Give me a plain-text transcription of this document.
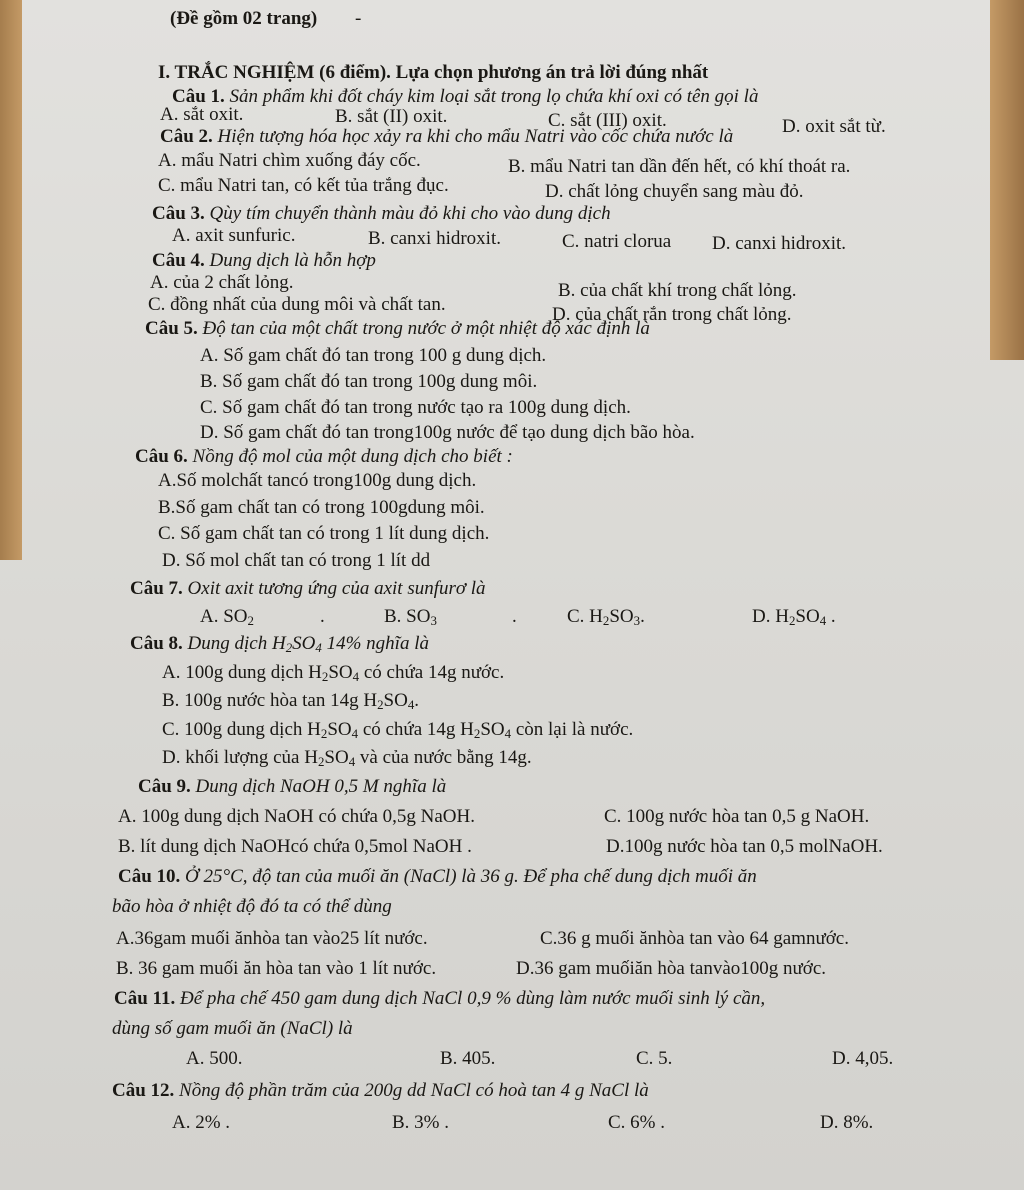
(Đề gồm 02 trang) -
I. TRẮC NGHIỆM (6 điểm). Lựa chọn phương án trả lời đúng nhất
Câu 1. Sản phẩm khi đốt cháy kim loại sắt trong lọ chứa khí oxi có tên gọi là
A. sắt oxit.	B. sắt (II) oxit.	C. sắt (III) oxit.	D. oxit sắt từ.
Câu 2. Hiện tượng hóa học xảy ra khi cho mẩu Natri vào cốc chứa nước là
A. mẩu Natri chìm xuống đáy cốc.	B. mẩu Natri tan dần đến hết, có khí thoát ra.
C. mẩu Natri tan, có kết tủa trắng đục.	D. chất lỏng chuyển sang màu đỏ.
Câu 3. Qùy tím chuyển thành màu đỏ khi cho vào dung dịch
A. axit sunfuric.	B. canxi hidroxit.	C. natri clorua D. canxi hidroxit.
Câu 4. Dung dịch là hỗn hợp
A. của 2 chất lỏng.	B. của chất khí trong chất lỏng.
C. đồng nhất của dung môi và chất tan.	D. của chất rắn trong chất lỏng.
Câu 5. Độ tan của một chất trong nước ở một nhiệt độ xác định là
A. Số gam chất đó tan trong 100 g dung dịch.
B. Số gam chất đó tan trong 100g dung môi.
C. Số gam chất đó tan trong nước tạo ra 100g dung dịch.
D. Số gam chất đó tan trong100g nước để tạo dung dịch bão hòa.
Câu 6. Nồng độ mol của một dung dịch cho biết :
A.Số molchất tancó trong100g dung dịch.
B.Số gam chất tan có trong 100gdung môi.
C. Số gam chất tan có trong 1 lít dung dịch.
D. Số mol chất tan có trong 1 lít dd
Câu 7. Oxit axit tương ứng của axit sunfurơ là
A. $SO_2$	.	B. $SO_3$	.	C. $H_2SO_3$.	D. $H_2SO_4$ .
Câu 8. Dung dịch $H_2SO_4$ 14% nghĩa là
A. 100g dung dịch $H_2SO_4$ có chứa 14g nước.
B. 100g nước hòa tan 14g $H_2SO_4$.
C. 100g dung dịch $H_2SO_4$ có chứa 14g $H_2SO_4$ còn lại là nước.
D. khối lượng của $H_2SO_4$ và của nước bằng 14g.
Câu 9. Dung dịch NaOH 0,5 M nghĩa là
A. 100g dung dịch NaOH có chứa 0,5g NaOH.	C. 100g nước hòa tan 0,5 g NaOH.
B. lít dung dịch NaOHcó chứa 0,5mol NaOH .	D.100g nước hòa tan 0,5 molNaOH.
Câu 10. Ở 25°C, độ tan của muối ăn (NaCl) là 36 g. Để pha chế dung dịch muối ăn
bão hòa ở nhiệt độ đó ta có thể dùng
A.36gam muối ănhòa tan vào25 lít nước.	C.36 g muối ănhòa tan vào 64 gamnước.
B. 36 gam muối ăn hòa tan vào 1 lít nước.	D.36 gam muốiăn hòa tanvào100g nước.
Câu 11. Để pha chế 450 gam dung dịch NaCl 0,9 % dùng làm nước muối sinh lý cần,
dùng số gam muối ăn (NaCl) là
A. 500.	B. 405.	C. 5.	D. 4,05.
Câu 12. Nồng độ phần trăm của 200g dd NaCl có hoà tan 4 g NaCl là
A. 2% .	B. 3% .	C. 6% .	D. 8%.
